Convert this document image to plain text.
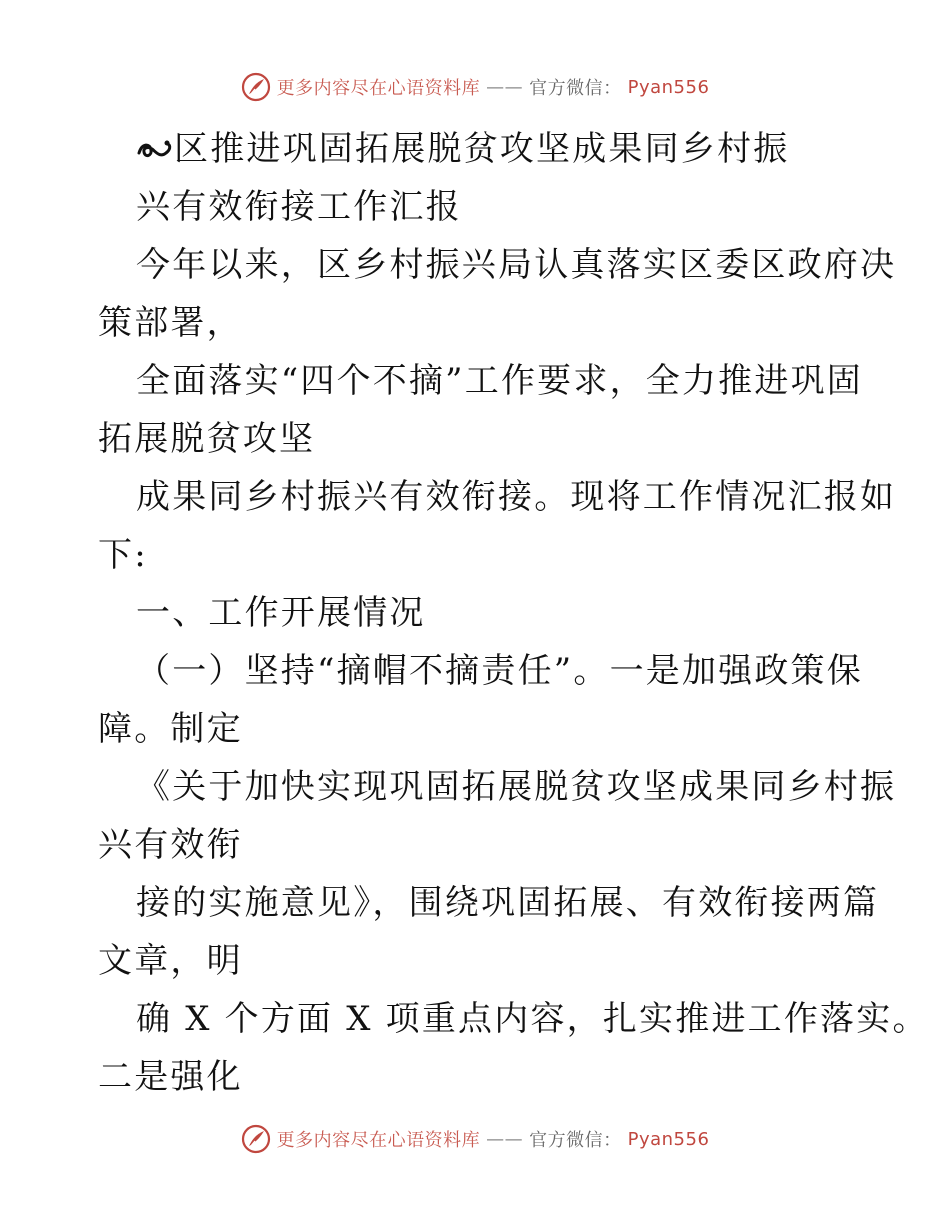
更多内容尽在心语资料库 —— 官方微信： Pyan556
区推进巩固拓展脱贫攻坚成果同乡村振
兴有效衔接工作汇报
今年以来，区乡村振兴局认真落实区委区政府决
策部署，
全面落实“四个不摘”工作要求，全力推进巩固
拓展脱贫攻坚
成果同乡村振兴有效衔接。现将工作情况汇报如
下:
一、工作开展情况
（一）坚持“摘帽不摘责任”。一是加强政策保
障。制定
《关于加快实现巩固拓展脱贫攻坚成果同乡村振
兴有效衔
接的实施意见》，围绕巩固拓展、有效衔接两篇
文章，明
确 X 个方面 X 项重点内容，扎实推进工作落实。
二是强化
更多内容尽在心语资料库 —— 官方微信： Pyan556
